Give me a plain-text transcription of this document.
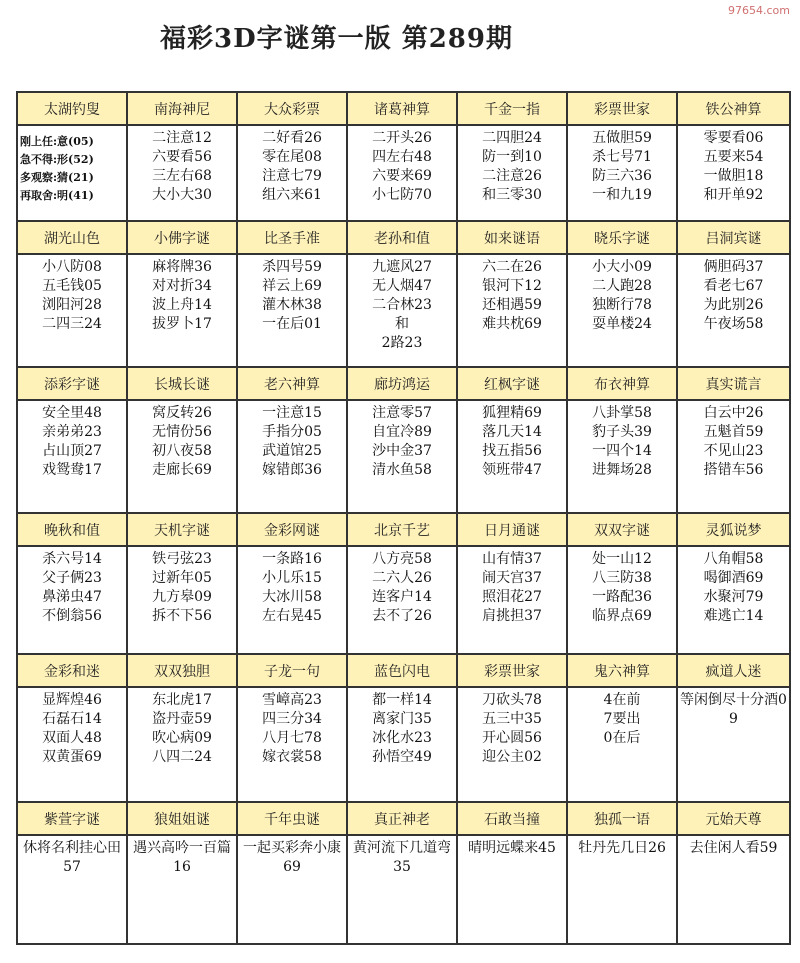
97654.com
福彩3D字谜第一版 第289期
太湖钓叟
刚上任:意(05)
急不得:形(52)
多观察:猜(21)
再取舍:明(41)
南海神尼
二注意12
六要看56
三左右68
大小大30
大众彩票
二好看26
零在尾08
注意七79
组六来61
诸葛神算
二开头26
四左右48
六要来69
小七防70
千金一指
二四胆24
防一到10
二注意26
和三零30
彩票世家
五做胆59
杀七号71
防三六36
一和九19
铁公神算
零要看06
五要来54
一做胆18
和开单92
湖光山色
小八防08
五毛钱05
浏阳河28
二四三24
小佛字谜
麻将牌36
对对折34
波上舟14
拔罗卜17
比圣手准
杀四号59
祥云上69
灌木林38
一在后01
老孙和值
九遮风27
无人烟47
二合林23
和
2路23
如来谜语
六二在26
银河下12
还相遇59
难共枕69
晓乐字谜
小大小09
二人跑28
独断行78
耍单楼24
吕洞宾谜
俩胆码37
看老七67
为此别26
午夜场58
添彩字谜
安全里48
亲弟弟23
占山顶27
戏鸳鸯17
长城长谜
窝反转26
无情份56
初八夜58
走廊长69
老六神算
一注意15
手指分05
武道馆25
嫁错郎36
廊坊鸿运
注意零57
自宜冷89
沙中金37
清水鱼58
红枫字谜
狐狸精69
落几天14
找五指56
领班带47
布衣神算
八卦掌58
豹子头39
一四个14
进舞场28
真实谎言
白云中26
五魁首59
不见山23
搭错车56
晚秋和值
杀六号14
父子俩23
鼻涕虫47
不倒翁56
天机字谜
铁弓弦23
过新年05
九方皋09
拆不下56
金彩网谜
一条路16
小儿乐15
大冰川58
左右晃45
北京千艺
八方亮58
二六人26
连客户14
去不了26
日月通谜
山有情37
闹天宫37
照泪花27
肩挑担37
双双字谜
处一山12
八三防38
一路配36
临界点69
灵狐说梦
八角帽58
喝御酒69
水聚河79
难逃亡14
金彩和迷
显辉煌46
石磊石14
双面人48
双黄蛋69
双双独胆
东北虎17
盗丹壶59
吹心病09
八四二24
子龙一句
雪嶂高23
四三分34
八月七78
嫁衣裳58
蓝色闪电
都一样14
离家门35
冰化水23
孙悟空49
彩票世家
刀砍头78
五三中35
开心圆56
迎公主02
鬼六神算
4在前
7要出
0在后
疯道人迷
等闲倒尽十分酒09
紫萱字谜
休将名利挂心田57
狼姐姐谜
遇兴高吟一百篇16
千年虫谜
一起买彩奔小康69
真正神老
黄河流下几道弯35
石敢当撞
晴明远蝶来45
独孤一语
牡丹先几日26
元始天尊
去住闲人看59
